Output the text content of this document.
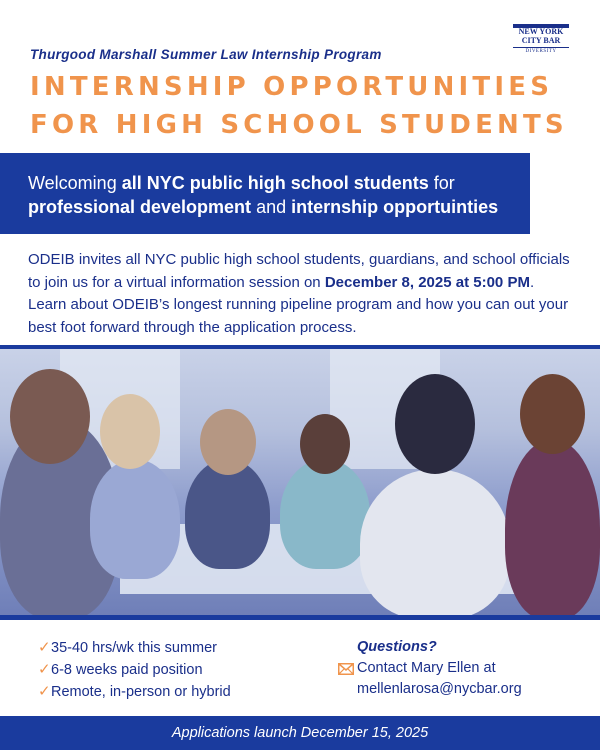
Thurgood Marshall Summer Law Internship Program
NEW YORK
CITY BAR
DIVERSITY
INTERNSHIP OPPORTUNITIES
FOR HIGH SCHOOL STUDENTS
Welcoming all NYC public high school students for
professional development and internship opportuinties
ODEIB invites all NYC public high school students, guardians, and school officials to join us for a virtual information session on December 8, 2025 at 5:00 PM. Learn about ODEIB’s longest running pipeline program and how you can out your best foot forward through the application process.
✓ 35-40 hrs/wk this summer
✓ 6-8 weeks paid position
✓ Remote, in-person or hybrid
Questions?
Contact Mary Ellen at
mellenlarosa@nycbar.org
Applications launch December 15, 2025
